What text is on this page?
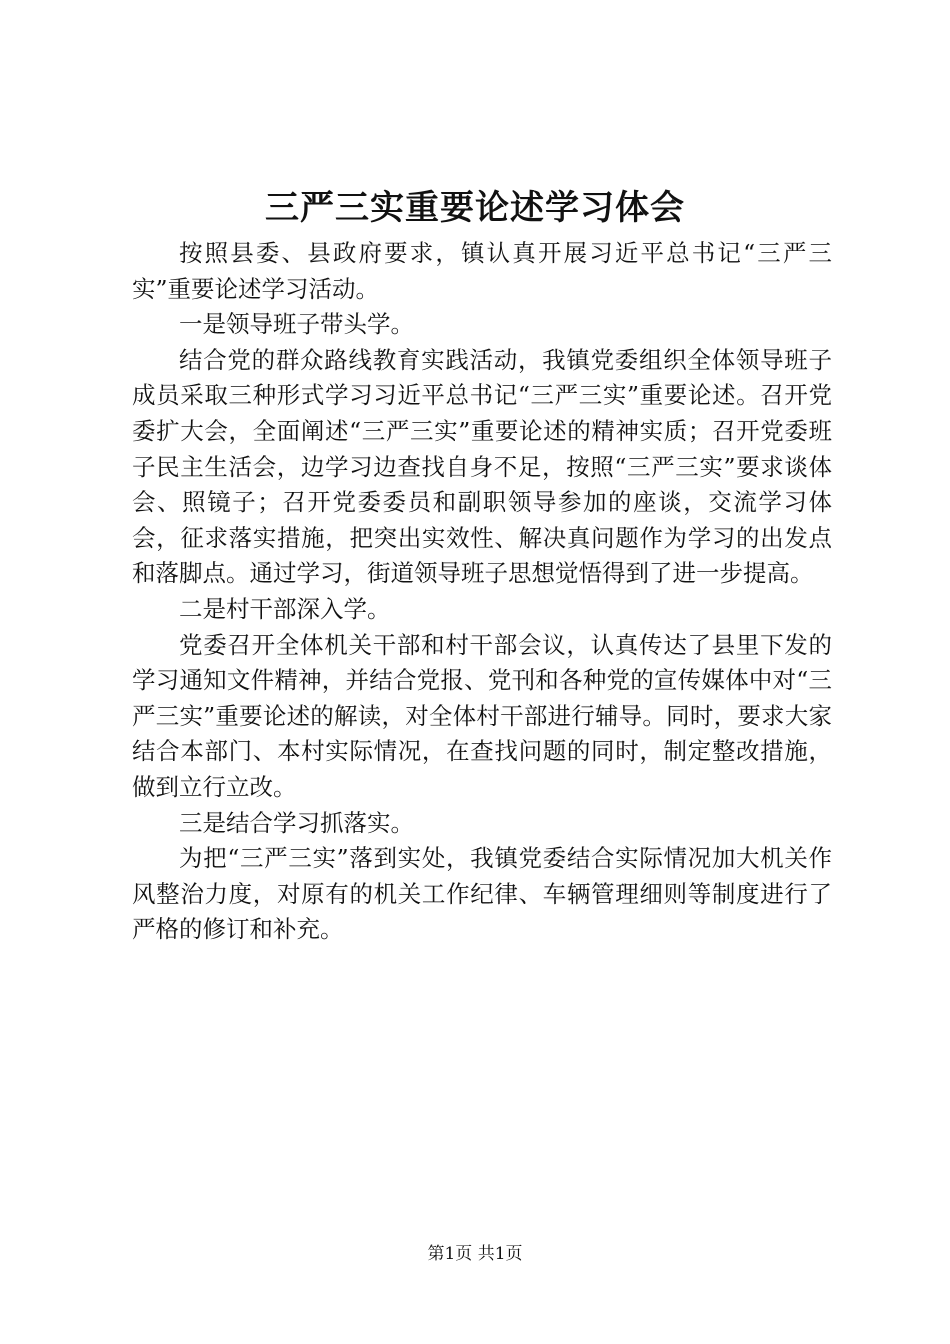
三严三实重要论述学习体会

按照县委、县政府要求，镇认真开展习近平总书记“三严三实”重要论述学习活动。

一是领导班子带头学。

结合党的群众路线教育实践活动，我镇党委组织全体领导班子成员采取三种形式学习习近平总书记“三严三实”重要论述。召开党委扩大会，全面阐述“三严三实”重要论述的精神实质；召开党委班子民主生活会，边学习边查找自身不足，按照“三严三实”要求谈体会、照镜子；召开党委委员和副职领导参加的座谈，交流学习体会，征求落实措施，把突出实效性、解决真问题作为学习的出发点和落脚点。通过学习，街道领导班子思想觉悟得到了进一步提高。

二是村干部深入学。

党委召开全体机关干部和村干部会议，认真传达了县里下发的学习通知文件精神，并结合党报、党刊和各种党的宣传媒体中对“三严三实”重要论述的解读，对全体村干部进行辅导。同时，要求大家结合本部门、本村实际情况，在查找问题的同时，制定整改措施，做到立行立改。

三是结合学习抓落实。

为把“三严三实”落到实处，我镇党委结合实际情况加大机关作风整治力度，对原有的机关工作纪律、车辆管理细则等制度进行了严格的修订和补充。

第1页 共1页
